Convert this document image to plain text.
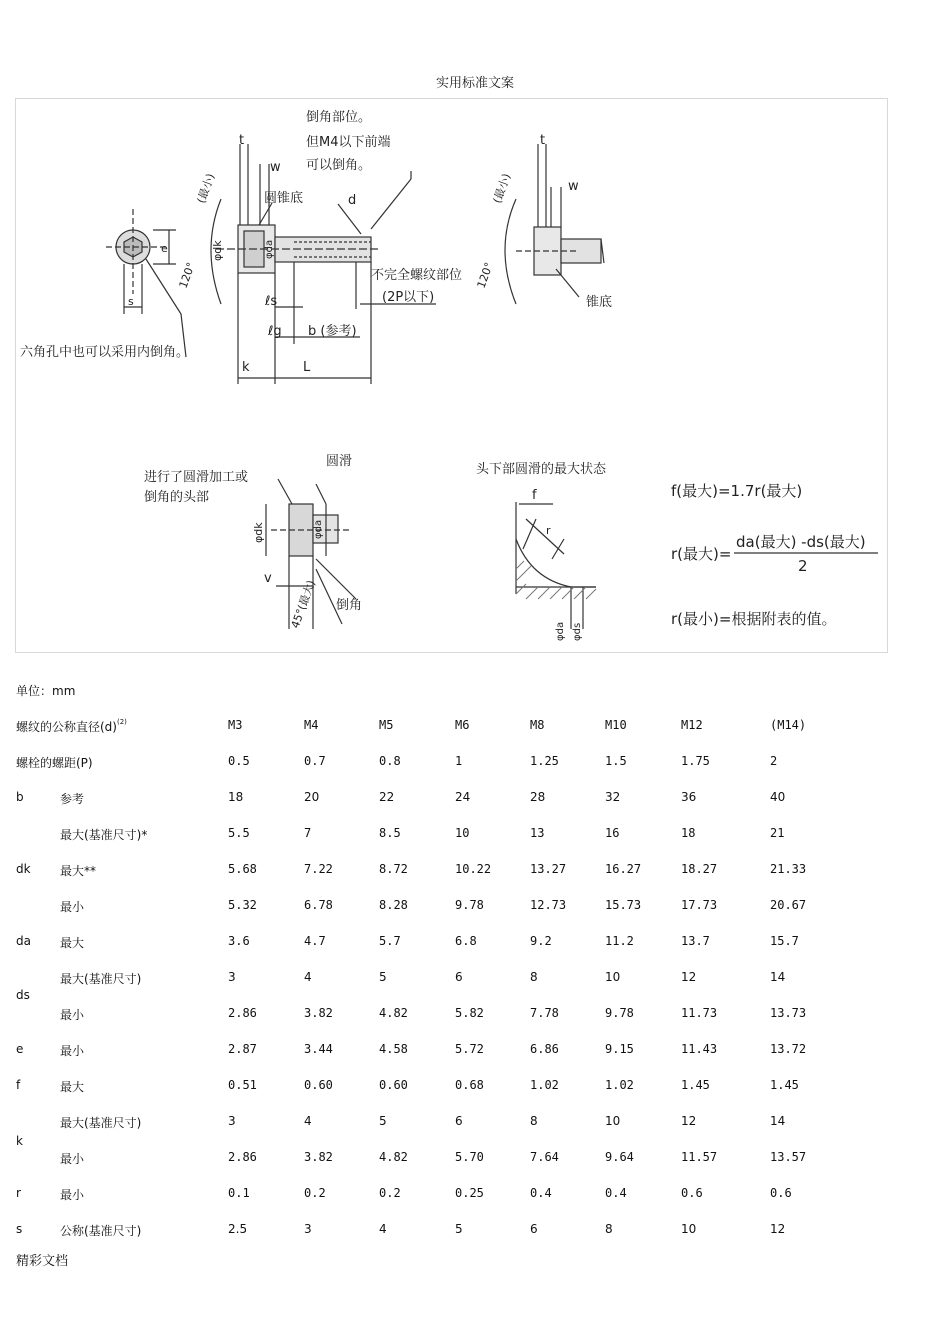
实用标准文案
倒角部位。
但M4以下前端
可以倒角。
圆锥底	d
t
w
(最小)
120°
φdk	φda
不完全螺纹部位
(2P以下)
ℓs
ℓg b (参考)
k	L
e
s
六角孔中也可以采用内倒角。
t
w
(最小)
120°
锥底
进行了圆滑加工或
倒角的头部
圆滑
φdk	φda
v
倒角
45°(最大)
头下部圆滑的最大状态
f
r
φda φds
f(最大)=1.7r(最大)
r(最大)=
da(最大) -ds(最大)
2
r(最小)=根据附表的值。
单位：mm
螺纹的公称直径$(d)^{(2)}$	M3	M4	M5	M6	M8	M10	M12	(M14)
螺栓的螺距(P)	0.5	0.7	0.8	1	1.25	1.5	1.75	2
b	参考	18	20	22	24	28	32	36	40
最大(基准尺寸)*	5.5	7	8.5	10	13	16	18	21
dk 最大**	5.68	7.22	8.72	10.22	13.27	16.27	18.27	21.33
最小	5.32	6.78	8.28	9.78	12.73	15.73	17.73	20.67
da 最大	3.6	4.7	5.7	6.8	9.2	11.2	13.7	15.7
最大(基准尺寸)	3	4	5	6	8	10	12	14
ds
最小	2.86	3.82	4.82	5.82	7.78	9.78	11.73	13.73
e	最小	2.87	3.44	4.58	5.72	6.86	9.15	11.43	13.72
f	最大	0.51	0.60	0.60	0.68	1.02	1.02	1.45	1.45
最大(基准尺寸)	3	4	5	6	8	10	12	14
k
最小	2.86	3.82	4.82	5.70	7.64	9.64	11.57	13.57
r	最小	0.1	0.2	0.2	0.25	0.4	0.4	0.6	0.6
s	公称(基准尺寸)	2.5	3	4	5	6	8	10	12
精彩文档
